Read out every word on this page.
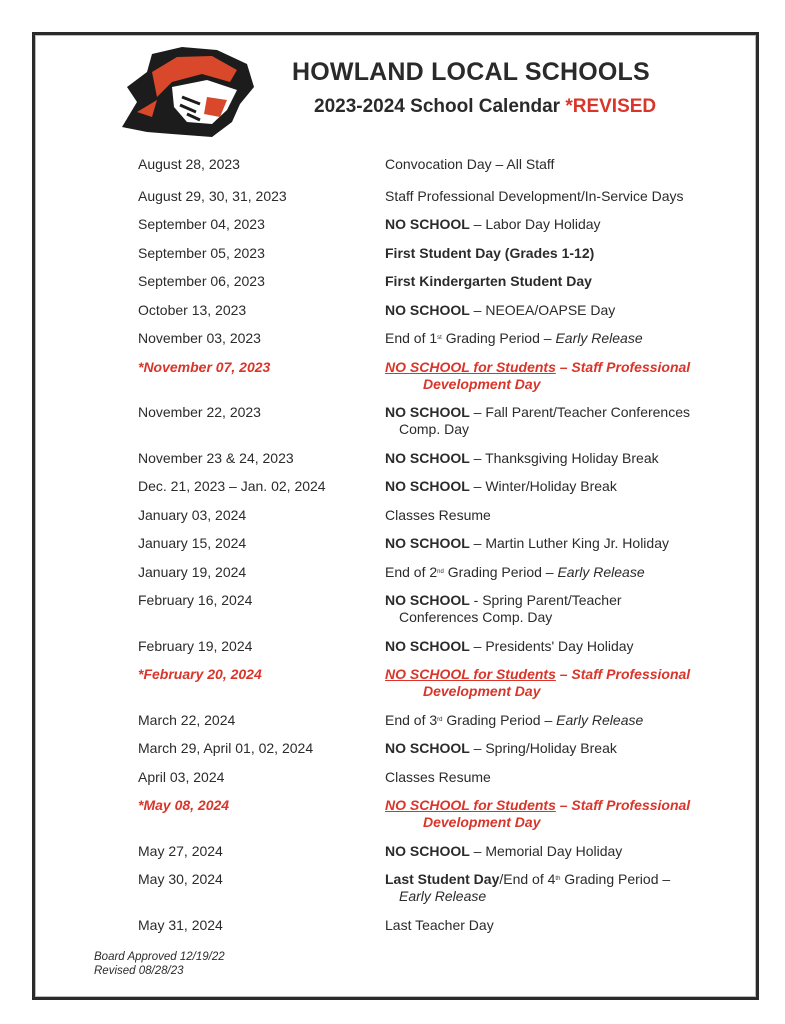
HOWLAND LOCAL SCHOOLS
2023-2024 School Calendar *REVISED
August 28, 2023	Convocation Day – All Staff
August 29, 30, 31, 2023	Staff Professional Development/In-Service Days
September 04, 2023	NO SCHOOL – Labor Day Holiday
September 05, 2023	First Student Day (Grades 1-12)
September 06, 2023	First Kindergarten Student Day
October 13, 2023	NO SCHOOL – NEOEA/OAPSE Day
November 03, 2023	End of 1st Grading Period – Early Release
*November 07, 2023	NO SCHOOL for Students – Staff Professional
Development Day
November 22, 2023	NO SCHOOL – Fall Parent/Teacher Conferences
Comp. Day
November 23 & 24, 2023	NO SCHOOL – Thanksgiving Holiday Break
Dec. 21, 2023 – Jan. 02, 2024	NO SCHOOL – Winter/Holiday Break
January 03, 2024	Classes Resume
January 15, 2024	NO SCHOOL – Martin Luther King Jr. Holiday
January 19, 2024	End of 2nd Grading Period – Early Release
February 16, 2024	NO SCHOOL - Spring Parent/Teacher
Conferences Comp. Day
February 19, 2024	NO SCHOOL – Presidents' Day Holiday
*February 20, 2024	NO SCHOOL for Students – Staff Professional
Development Day
March 22, 2024	End of 3rd Grading Period – Early Release
March 29, April 01, 02, 2024	NO SCHOOL – Spring/Holiday Break
April 03, 2024	Classes Resume
*May 08, 2024	NO SCHOOL for Students – Staff Professional
Development Day
May 27, 2024	NO SCHOOL – Memorial Day Holiday
May 30, 2024	Last Student Day/End of 4th Grading Period –
Early Release
May 31, 2024	Last Teacher Day
Board Approved 12/19/22
Revised 08/28/23
